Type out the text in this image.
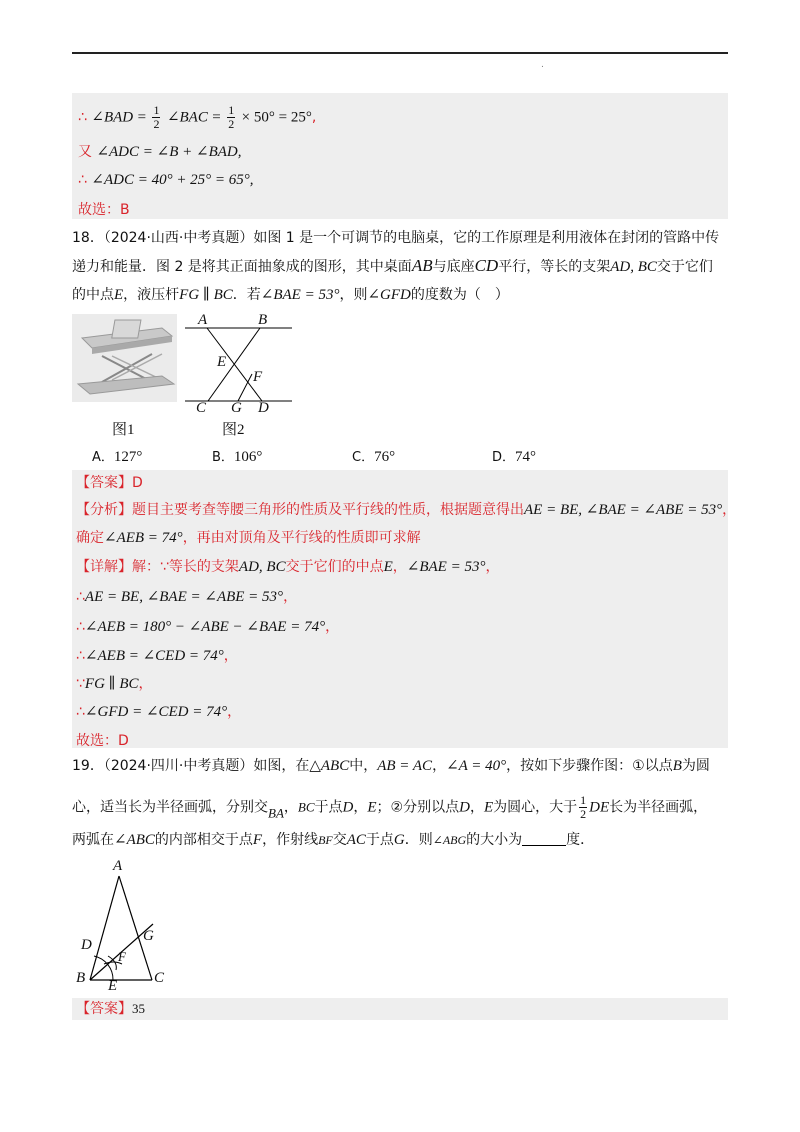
.
∴ ∠BAD = $\frac{1}{2}$ ∠BAC = $\frac{1}{2} \times 50^\circ = 25^\circ$,
又 ∠ADC = ∠B + ∠BAD,
∴ ∠ADC = 40° + 25° = 65°,
故选：B
18．（2024·山西·中考真题）如图 1 是一个可调节的电脑桌，它的工作原理是利用液体在封闭的管路中传
递力和能量．图 2 是将其正面抽象成的图形，其中桌面AB与底座CD平行，等长的支架AD, BC交于它们
的中点E，液压杆FG ∥ BC．若∠BAE = 53°，则∠GFD的度数为（　）
图1
A	B
E
F
C G D
图2
A．127°	B．106°	C．76°	D．74°
【答案】D
【分析】题目主要考查等腰三角形的性质及平行线的性质，根据题意得出AE = BE, ∠BAE = ∠ABE = 53°，
确定∠AEB = 74°，再由对顶角及平行线的性质即可求解
【详解】解：∵等长的支架AD, BC交于它们的中点E，∠BAE = 53°，
∴AE = BE, ∠BAE = ∠ABE = 53°，
∴∠AEB = 180° − ∠ABE − ∠BAE = 74°，
∴∠AEB = ∠CED = 74°，
∵FG ∥ BC，
∴∠GFD = ∠CED = 74°，
故选：D
19．（2024·四川·中考真题）如图，在△ABC中，AB = AC，∠A = 40°，按如下步骤作图：①以点B为圆
心，适当长为半径画弧，分别交BA，BC于点D，E；②分别以点D，E为圆心，大于 $\frac{1}{2}$ DE长为半径画弧，
两弧在∠ABC的内部相交于点F，作射线BF交AC于点G．则∠ABG的大小为	度．
A
D
G
F
B E C
【答案】35
